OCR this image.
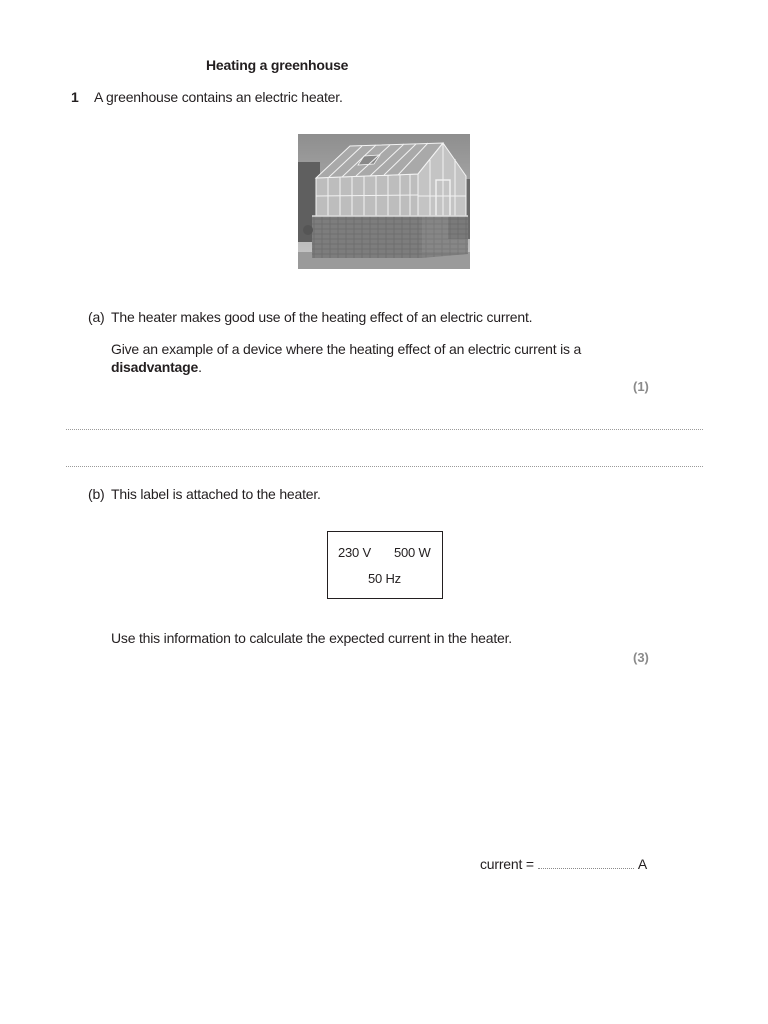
Heating a greenhouse
1 A greenhouse contains an electric heater.
(a) The heater makes good use of the heating effect of an electric current.
Give an example of a device where the heating effect of an electric current is a
disadvantage.
(1)
(b) This label is attached to the heater.
230 V 500 W
50 Hz
Use this information to calculate the expected current in the heater.
(3)
current =	A
